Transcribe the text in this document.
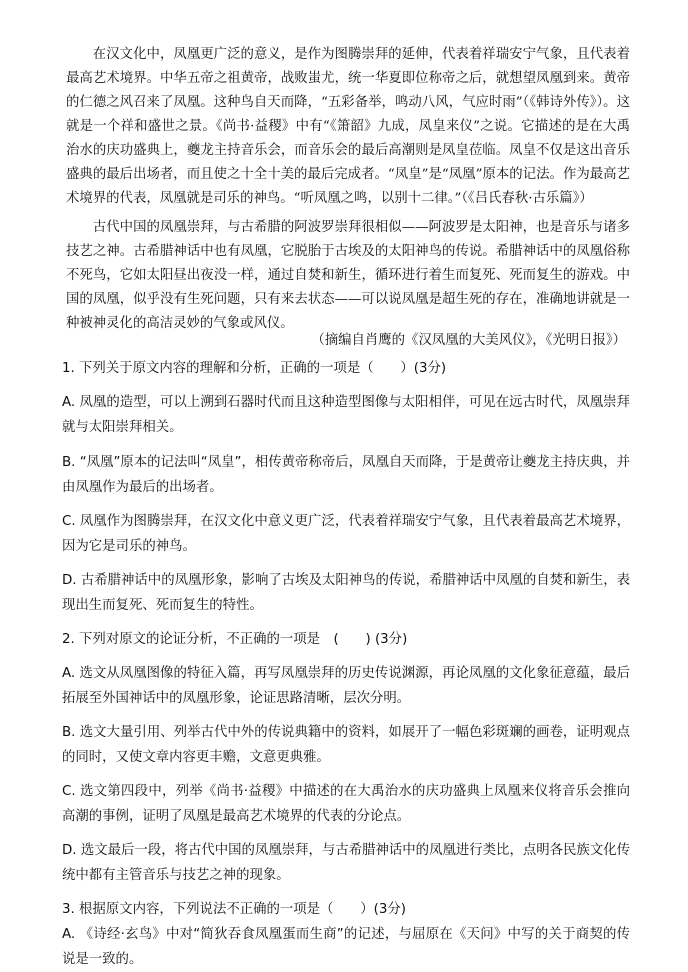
在汉文化中，凤凰更广泛的意义，是作为图腾崇拜的延伸，代表着祥瑞安宁气象，且代表着最高艺术境界。中华五帝之祖黄帝，战败蚩尤，统一华夏即位称帝之后，就想望凤凰到来。黄帝的仁德之风召来了凤凰。这种鸟自天而降，“五彩备举，鸣动八风，气应时雨”（《韩诗外传》）。这就是一个祥和盛世之景。《尚书·益稷》中有“《箫韶》九成，凤皇来仪”之说。它描述的是在大禹治水的庆功盛典上，夔龙主持音乐会，而音乐会的最后高潮则是凤皇莅临。凤皇不仅是这出音乐盛典的最后出场者，而且使之十全十美的最后完成者。“凤皇”是“凤凰”原本的记法。作为最高艺术境界的代表，凤凰就是司乐的神鸟。“听凤凰之鸣，以别十二律。”（《吕氏春秋·古乐篇》）

古代中国的凤凰崇拜，与古希腊的阿波罗崇拜很相似——阿波罗是太阳神，也是音乐与诸多技艺之神。古希腊神话中也有凤凰，它脱胎于古埃及的太阳神鸟的传说。希腊神话中的凤凰俗称不死鸟，它如太阳昼出夜没一样，通过自焚和新生，循环进行着生而复死、死而复生的游戏。中国的凤凰，似乎没有生死问题，只有来去状态——可以说凤凰是超生死的存在，准确地讲就是一种被神灵化的高洁灵妙的气象或风仪。

（摘编自肖鹰的《汉凤凰的大美风仪》，《光明日报》）

1. 下列关于原文内容的理解和分析，正确的一项是（　　）(3分)

A. 凤凰的造型，可以上溯到石器时代而且这种造型图像与太阳相伴，可见在远古时代，凤凰崇拜就与太阳崇拜相关。

B. “凤凰”原本的记法叫“凤皇”，相传黄帝称帝后，凤凰自天而降，于是黄帝让夔龙主持庆典，并由凤凰作为最后的出场者。

C. 凤凰作为图腾崇拜，在汉文化中意义更广泛，代表着祥瑞安宁气象，且代表着最高艺术境界，因为它是司乐的神鸟。

D. 古希腊神话中的凤凰形象，影响了古埃及太阳神鸟的传说，希腊神话中凤凰的自焚和新生，表现出生而复死、死而复生的特性。

2. 下列对原文的论证分析，不正确的一项是　(　　) (3分)

A. 选文从凤凰图像的特征入篇，再写凤凰崇拜的历史传说渊源，再论凤凰的文化象征意蕴，最后拓展至外国神话中的凤凰形象，论证思路清晰，层次分明。

B. 选文大量引用、列举古代中外的传说典籍中的资料，如展开了一幅色彩斑斓的画卷，证明观点的同时，又使文章内容更丰赡，文意更典雅。

C. 选文第四段中，列举《尚书·益稷》中描述的在大禹治水的庆功盛典上凤凰来仪将音乐会推向高潮的事例，证明了凤凰是最高艺术境界的代表的分论点。

D. 选文最后一段，将古代中国的凤凰崇拜，与古希腊神话中的凤凰进行类比，点明各民族文化传统中都有主管音乐与技艺之神的现象。

3. 根据原文内容，下列说法不正确的一项是（　　）(3分)

A. 《诗经·玄鸟》中对“简狄吞食凤凰蛋而生商”的记述，与屈原在《天问》中写的关于商契的传说是一致的。
